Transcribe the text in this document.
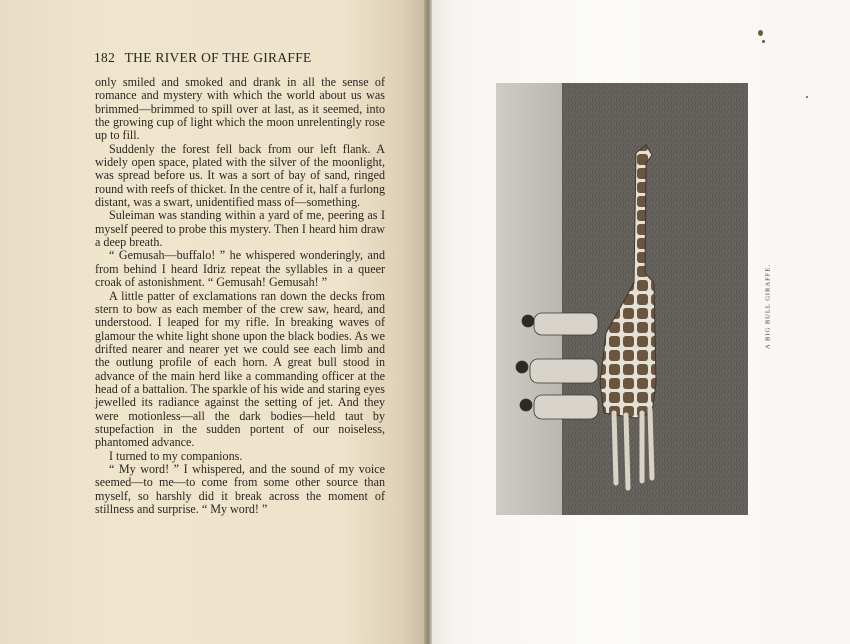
182 THE RIVER OF THE GIRAFFE

only smiled and smoked and drank in all the sense of romance and mystery with which the world about us was brimmed—brimmed to spill over at last, as it seemed, into the growing cup of light which the moon unrelentingly rose up to fill.

Suddenly the forest fell back from our left flank. A widely open space, plated with the silver of the moonlight, was spread before us. It was a sort of bay of sand, ringed round with reefs of thicket. In the centre of it, half a furlong distant, was a swart, unidentified mass of—something.

Suleiman was standing within a yard of me, peering as I myself peered to probe this mystery. Then I heard him draw a deep breath.

“ Gemusah—buffalo! ” he whispered wonderingly, and from behind I heard Idriz repeat the syllables in a queer croak of astonishment. “ Gemusah! Gemusah! ”

A little patter of exclamations ran down the decks from stern to bow as each member of the crew saw, heard, and understood. I leaped for my rifle. In breaking waves of glamour the white light shone upon the black bodies. As we drifted nearer and nearer yet we could see each limb and the outlung profile of each horn. A great bull stood in advance of the main herd like a commanding officer at the head of a battalion. The sparkle of his wide and staring eyes jewelled its radiance against the setting of jet. And they were motionless—all the dark bodies—held taut by stupefaction in the sudden portent of our noiseless, phantomed advance.

I turned to my companions.

“ My word! ” I whispered, and the sound of my voice seemed—to me—to come from some other source than myself, so harshly did it break across the moment of stillness and surprise. “ My word! ”

A BIG BULL GIRAFFE.
